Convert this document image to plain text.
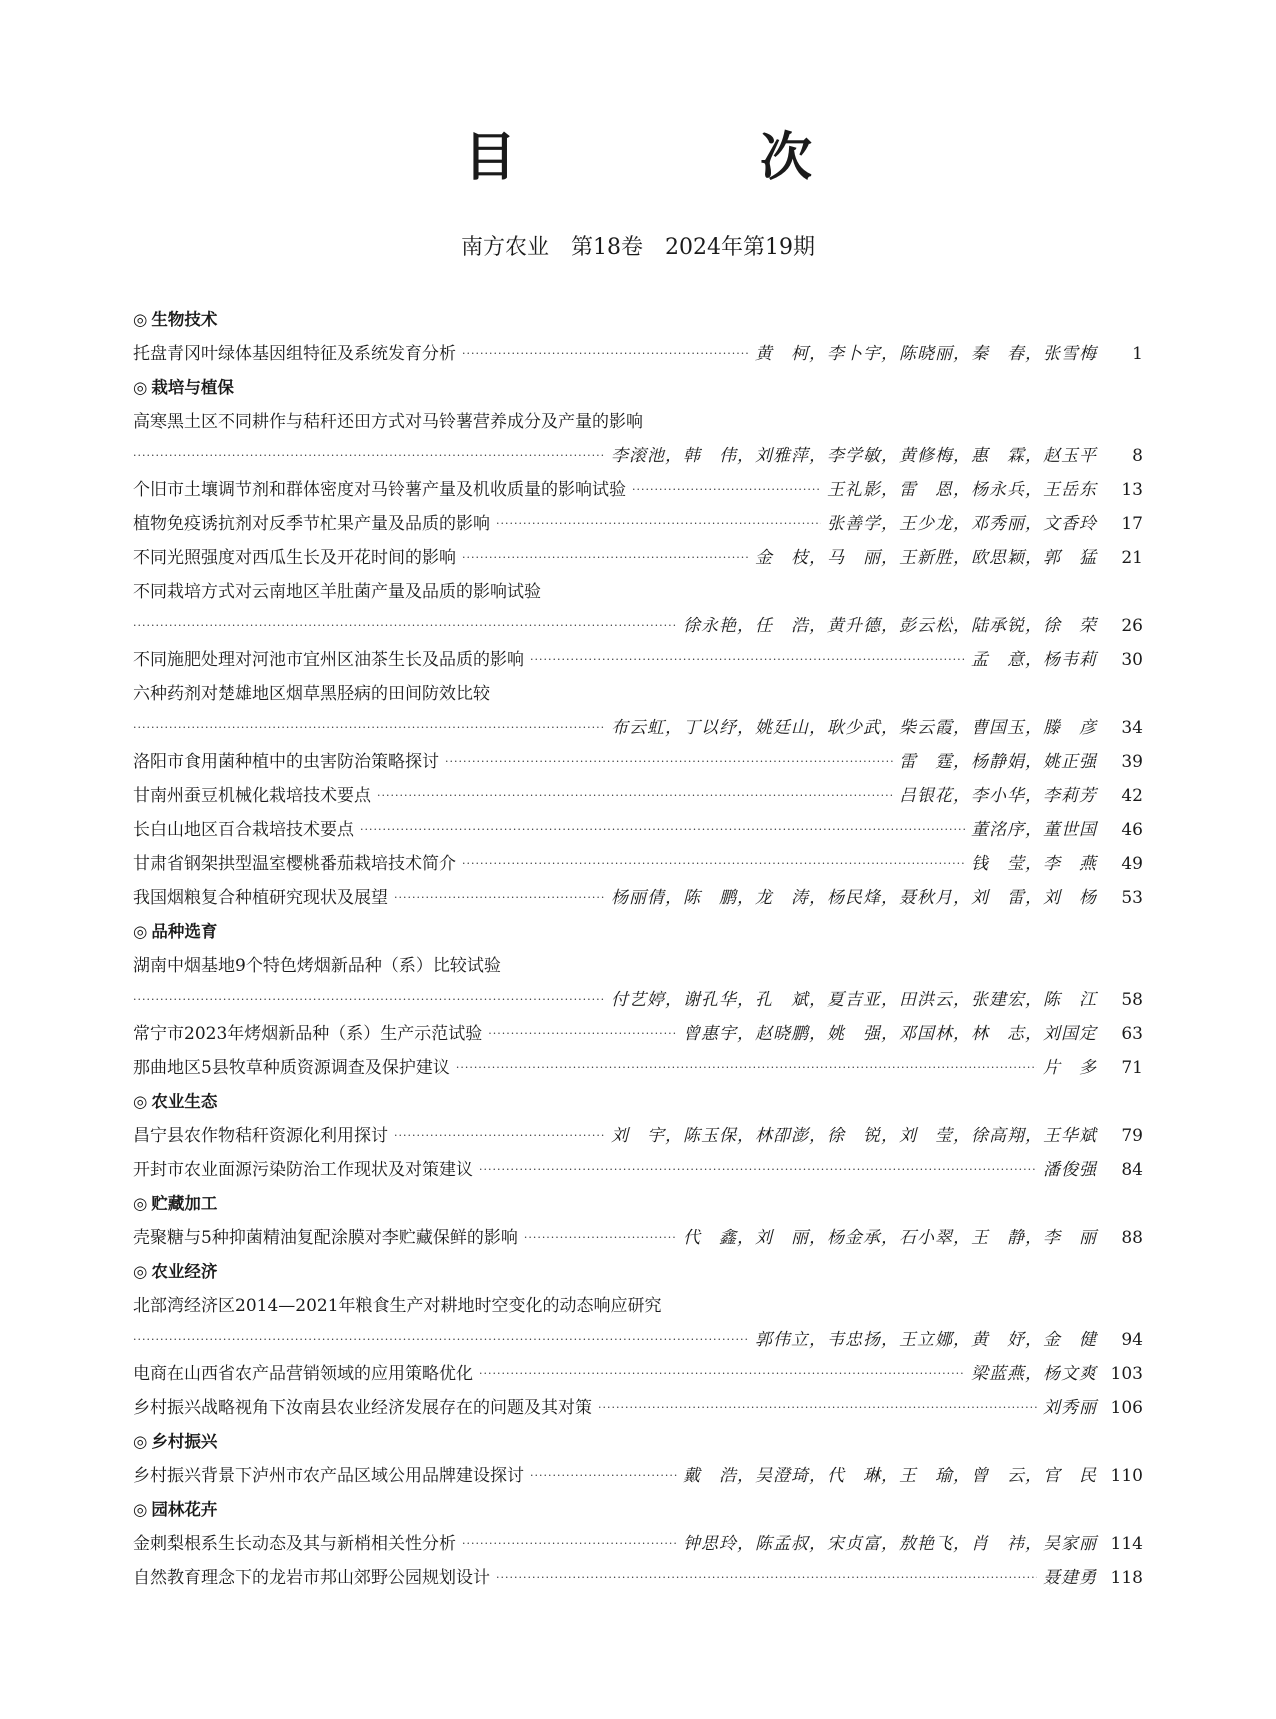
目　次
南方农业　第18卷　2024年第19期
◎ 生物技术
托盘青冈叶绿体基因组特征及系统发育分析 ·····	黄　柯，李卜宇，陈晓丽，秦　春，张雪梅	1
◎ 栽培与植保
高寒黑土区不同耕作与秸秆还田方式对马铃薯营养成分及产量的影响
·····
李滚池，韩　伟，刘雅萍，李学敏，黄修梅，惠　霖，赵玉平	8
个旧市土壤调节剂和群体密度对马铃薯产量及机收质量的影响试验 ·····	王礼影，雷　恩，杨永兵，王岳东	13
植物免疫诱抗剂对反季节杧果产量及品质的影响 ·····	张善学，王少龙，邓秀丽，文香玲	17
不同光照强度对西瓜生长及开花时间的影响 ·····	金　枝，马　丽，王新胜，欧思颖，郭　猛	21
不同栽培方式对云南地区羊肚菌产量及品质的影响试验
·····
徐永艳，任　浩，黄升德，彭云松，陆承锐，徐　荣	26
不同施肥处理对河池市宜州区油茶生长及品质的影响 ·····	孟　意，杨韦莉	30
六种药剂对楚雄地区烟草黑胫病的田间防效比较
·····
布云虹，丁以纾，姚廷山，耿少武，柴云霞，曹国玉，滕　彦	34
洛阳市食用菌种植中的虫害防治策略探讨 ·····	雷　霆，杨静娟，姚正强	39
甘南州蚕豆机械化栽培技术要点 ·····	吕银花，李小华，李莉芳	42
长白山地区百合栽培技术要点 ·····	董洺序，董世国	46
甘肃省钢架拱型温室樱桃番茄栽培技术简介 ·····	钱　莹，李　燕	49
我国烟粮复合种植研究现状及展望 ·····	杨丽倩，陈　鹏，龙　涛，杨民烽，聂秋月，刘　雷，刘　杨	53
◎ 品种选育
湖南中烟基地9个特色烤烟新品种（系）比较试验
·····
付艺婷，谢孔华，孔　斌，夏吉亚，田洪云，张建宏，陈　江	58
常宁市2023年烤烟新品种（系）生产示范试验 ·····	曾惠宇，赵晓鹏，姚　强，邓国林，林　志，刘国定	63
那曲地区5县牧草种质资源调查及保护建议 ·····	片　多	71
◎ 农业生态
昌宁县农作物秸秆资源化利用探讨 ·····	刘　宇，陈玉保，林卲澎，徐　锐，刘　莹，徐高翔，王华斌	79
开封市农业面源污染防治工作现状及对策建议 ·····	潘俊强	84
◎ 贮藏加工
壳聚糖与5种抑菌精油复配涂膜对李贮藏保鲜的影响 ·····	代　鑫，刘　丽，杨金承，石小翠，王　静，李　丽	88
◎ 农业经济
北部湾经济区2014—2021年粮食生产对耕地时空变化的动态响应研究
·····
郭伟立，韦忠扬，王立娜，黄　妤，金　健	94
电商在山西省农产品营销领域的应用策略优化 ·····	梁蓝燕，杨文爽 103
乡村振兴战略视角下汝南县农业经济发展存在的问题及其对策 ·····	刘秀丽 106
◎ 乡村振兴
乡村振兴背景下泸州市农产品区域公用品牌建设探讨 ·····	戴　浩，吴澄琦，代　琳，王　瑜，曾　云，官　民 110
◎ 园林花卉
金刺梨根系生长动态及其与新梢相关性分析 ·····	钟思玲，陈孟叔，宋贞富，敖艳飞，肖　祎，吴家丽 114
自然教育理念下的龙岩市邦山郊野公园规划设计 ·····	聂建勇 118
